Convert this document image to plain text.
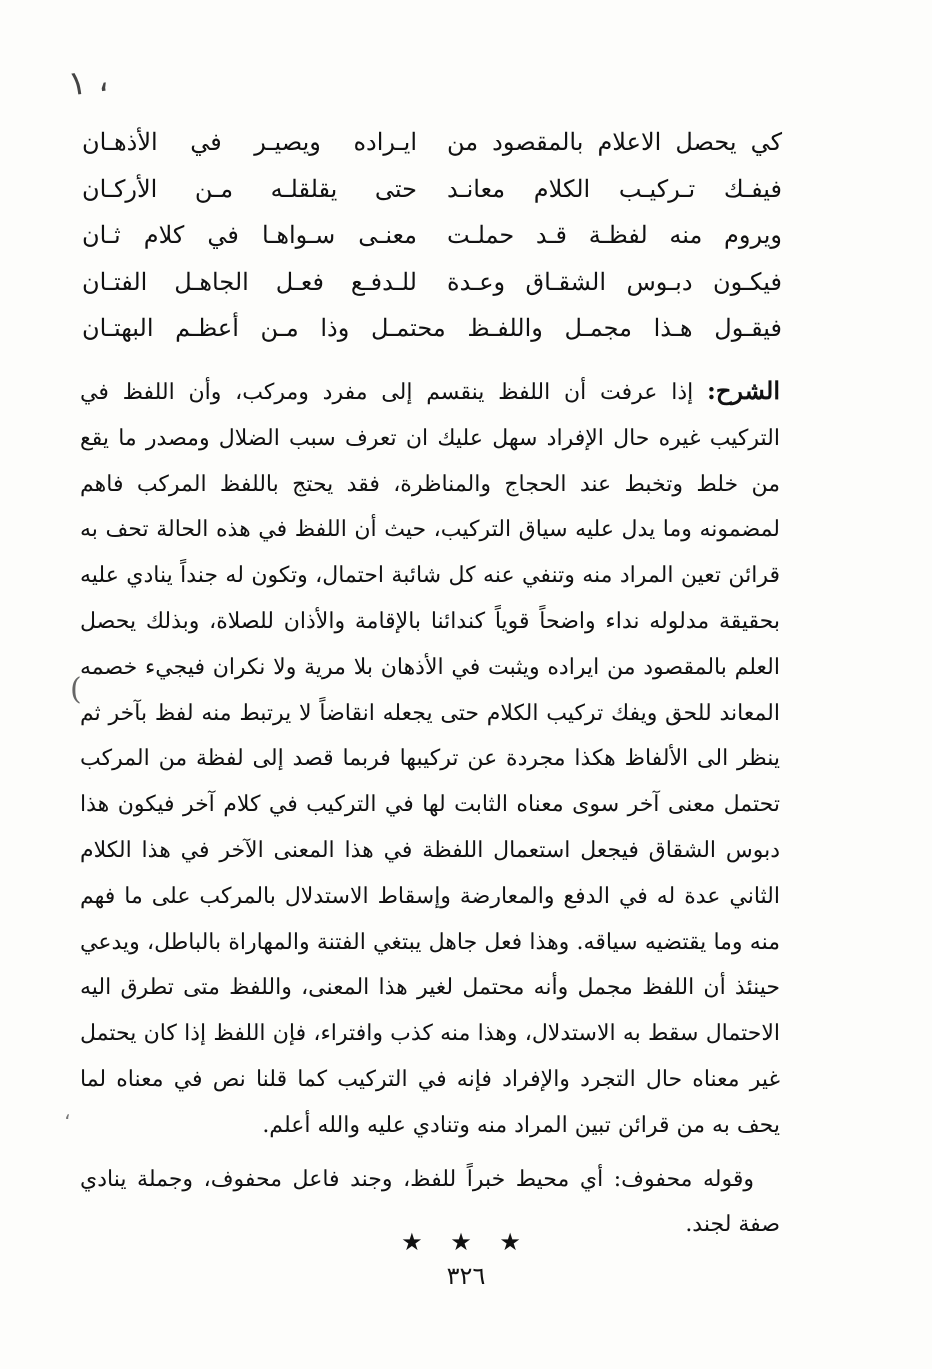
١ ،
(
،
كي يحصل الاعلام بالمقصود من
ايـراده ويصيـر في الأذهـان
فيفـك تـركيـب الكلام معانـد
حتى يقلقلـه مـن الأركـان
ويروم منه لفظـة قـد حملـت
معنـى سـواهـا في كلام ثـان
فيكـون دبـوس الشقـاق وعـدة
للـدفـع فعـل الجاهـل الفتـان
فيقـول هـذا مجمـل واللفـظ محتمـل وذا مـن أعظـم البهتـان

الشرح: إذا عرفت أن اللفظ ينقسم إلى مفرد ومركب، وأن اللفظ في التركيب غيره حال الإفراد سهل عليك ان تعرف سبب الضلال ومصدر ما يقع من خلط وتخبط عند الحجاج والمناظرة، فقد يحتج باللفظ المركب فاهم لمضمونه وما يدل عليه سياق التركيب، حيث أن اللفظ في هذه الحالة تحف به قرائن تعين المراد منه وتنفي عنه كل شائبة احتمال، وتكون له جنداً ينادي عليه بحقيقة مدلوله نداء واضحاً قوياً كندائنا بالإقامة والأذان للصلاة، وبذلك يحصل العلم بالمقصود من ايراده ويثبت في الأذهان بلا مرية ولا نكران فيجيء خصمه المعاند للحق ويفك تركيب الكلام حتى يجعله انقاضاً لا يرتبط منه لفظ بآخر ثم ينظر الى الألفاظ هكذا مجردة عن تركيبها فربما قصد إلى لفظة من المركب تحتمل معنى آخر سوى معناه الثابت لها في التركيب في كلام آخر فيكون هذا دبوس الشقاق فيجعل استعمال اللفظة في هذا المعنى الآخر في هذا الكلام الثاني عدة له في الدفع والمعارضة وإسقاط الاستدلال بالمركب على ما فهم منه وما يقتضيه سياقه. وهذا فعل جاهل يبتغي الفتنة والمهاراة بالباطل، ويدعي حينئذ أن اللفظ مجمل وأنه محتمل لغير هذا المعنى، واللفظ متى تطرق اليه الاحتمال سقط به الاستدلال، وهذا منه كذب وافتراء، فإن اللفظ إذا كان يحتمل غير معناه حال التجرد والإفراد فإنه في التركيب كما قلنا نص في معناه لما يحف به من قرائن تبين المراد منه وتنادي عليه والله أعلم.

وقوله محفوف: أي محيط خبراً للفظ، وجند فاعل محفوف، وجملة ينادي صفة لجند.

★ ★ ★
٣٢٦
